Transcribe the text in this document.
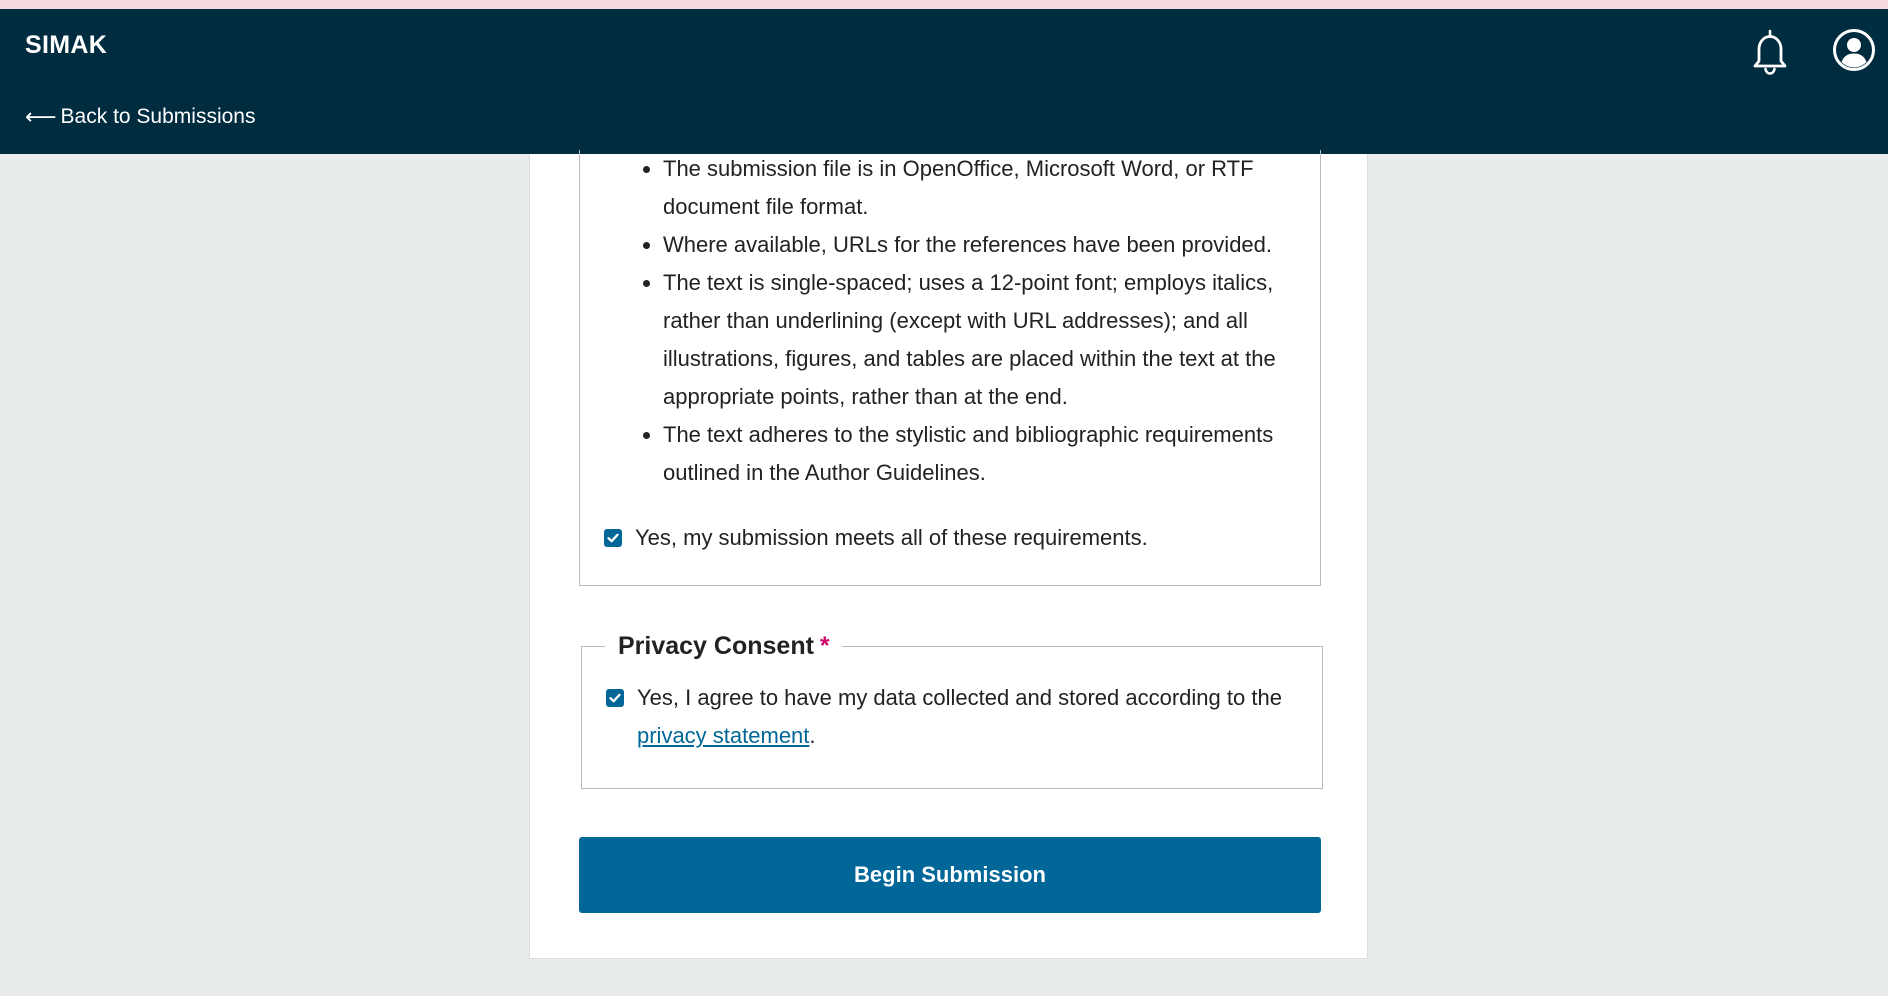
SIMAK
⟵ Back to Submissions
• The submission file is in OpenOffice, Microsoft Word, or RTF document file format.
• Where available, URLs for the references have been provided.
• The text is single-spaced; uses a 12-point font; employs italics, rather than underlining (except with URL addresses); and all illustrations, figures, and tables are placed within the text at the appropriate points, rather than at the end.
• The text adheres to the stylistic and bibliographic requirements outlined in the Author Guidelines.
Yes, my submission meets all of these requirements.
Privacy Consent *
Yes, I agree to have my data collected and stored according to the privacy statement.
Begin Submission
